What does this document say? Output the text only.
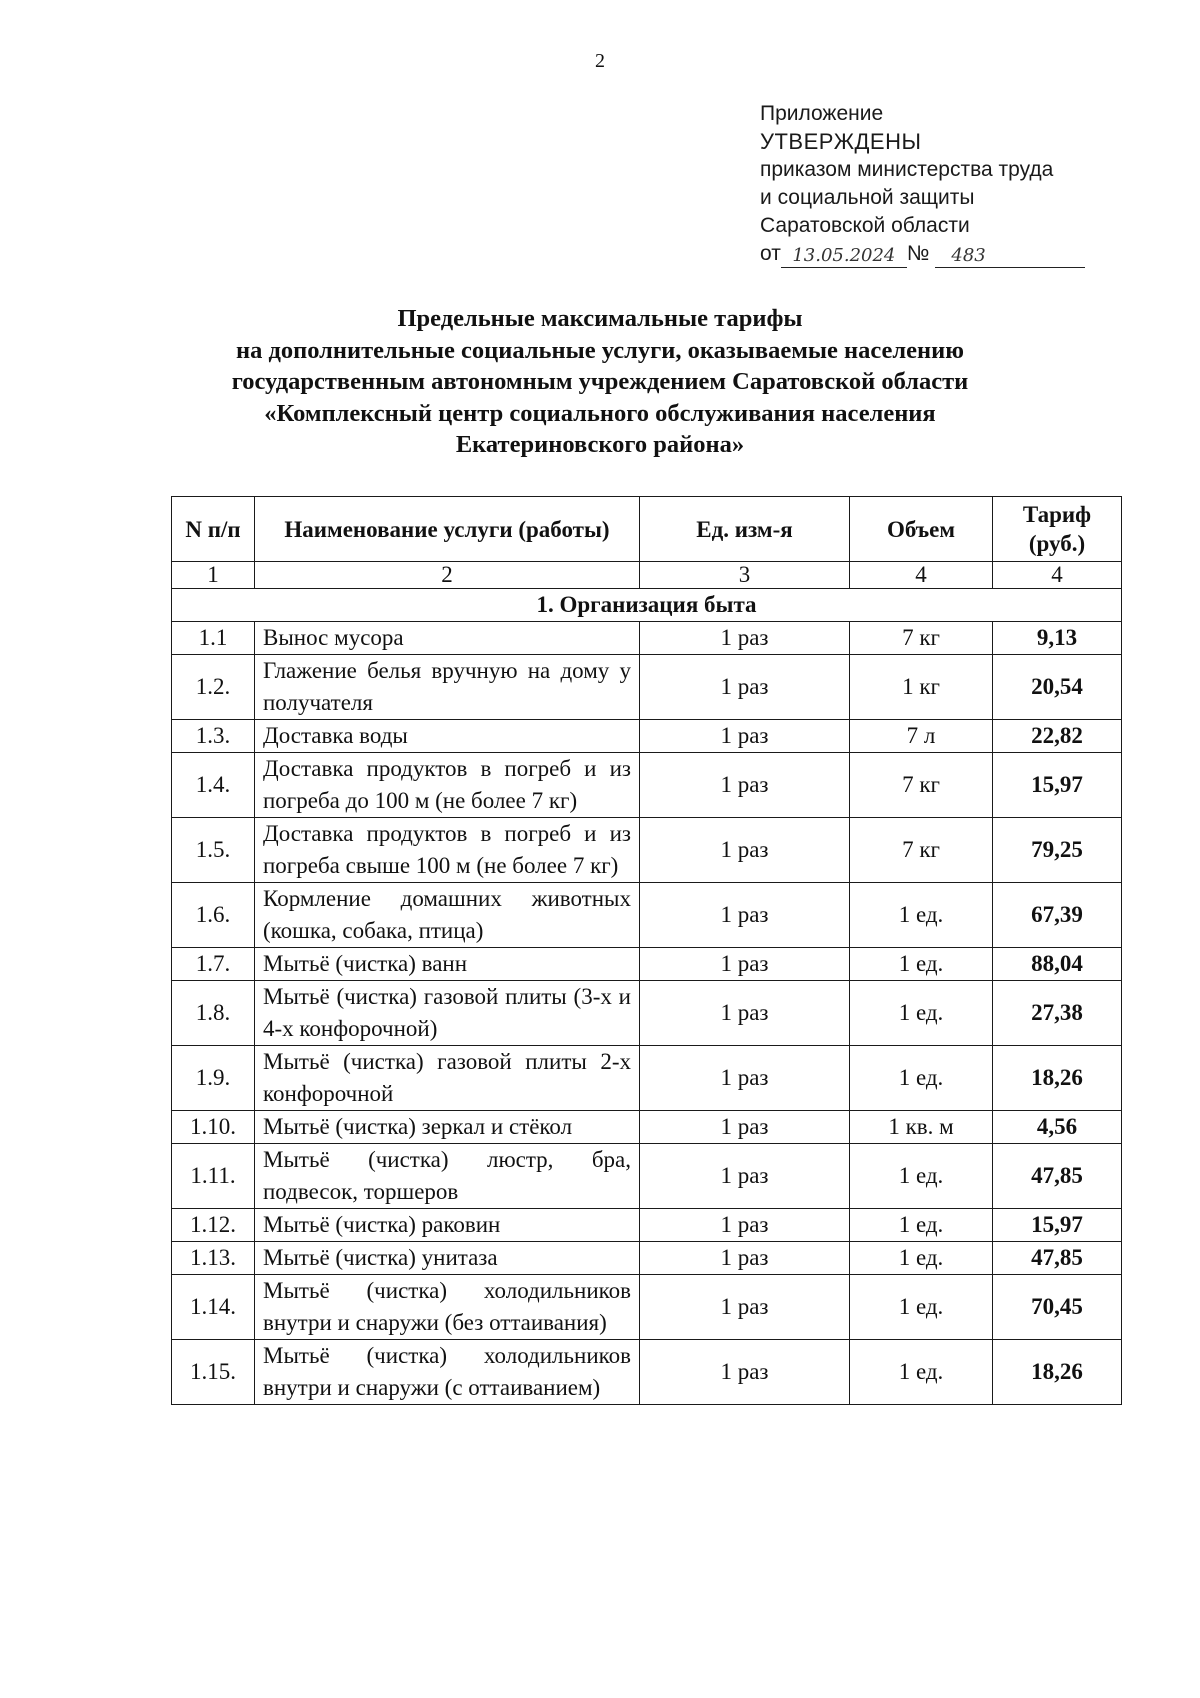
2
Приложение
УТВЕРЖДЕНЫ
приказом министерства труда
и социальной защиты
Саратовской области
от 13.05.2024 №	483
Предельные максимальные тарифы
на дополнительные социальные услуги, оказываемые населению
государственным автономным учреждением Саратовской области
«Комплексный центр социального обслуживания населения
Екатериновского района»
N п/п	Наименование услуги (работы)	Ед. изм-я	Объем	Тариф (руб.)
1	2	3	4	4
1. Организация быта				
1.1	Вынос мусора	1 раз	7 кг	9,13
1.2.	Глажение белья вручную на дому у получателя	1 раз	1 кг	20,54
1.3.	Доставка воды	1 раз	7 л	22,82
1.4.	Доставка продуктов в погреб и из погреба до 100 м (не более 7 кг)	1 раз	7 кг	15,97
1.5.	Доставка продуктов в погреб и из погреба свыше 100 м (не более 7 кг)	1 раз	7 кг	79,25
1.6.	Кормление домашних животных (кошка, собака, птица)	1 раз	1 ед.	67,39
1.7.	Мытьё (чистка) ванн	1 раз	1 ед.	88,04
1.8.	Мытьё (чистка) газовой плиты (3-х и 4-х конфорочной)	1 раз	1 ед.	27,38
1.9.	Мытьё (чистка) газовой плиты 2-х конфорочной	1 раз	1 ед.	18,26
1.10.	Мытьё (чистка) зеркал и стёкол	1 раз	1 кв. м	4,56
1.11.	Мытьё (чистка) люстр, бра, подвесок, торшеров	1 раз	1 ед.	47,85
1.12.	Мытьё (чистка) раковин	1 раз	1 ед.	15,97
1.13.	Мытьё (чистка) унитаза	1 раз	1 ед.	47,85
1.14.	Мытьё (чистка) холодильников внутри и снаружи (без оттаивания)	1 раз	1 ед.	70,45
1.15.	Мытьё (чистка) холодильников внутри и снаружи (с оттаиванием)	1 раз	1 ед.	18,26
